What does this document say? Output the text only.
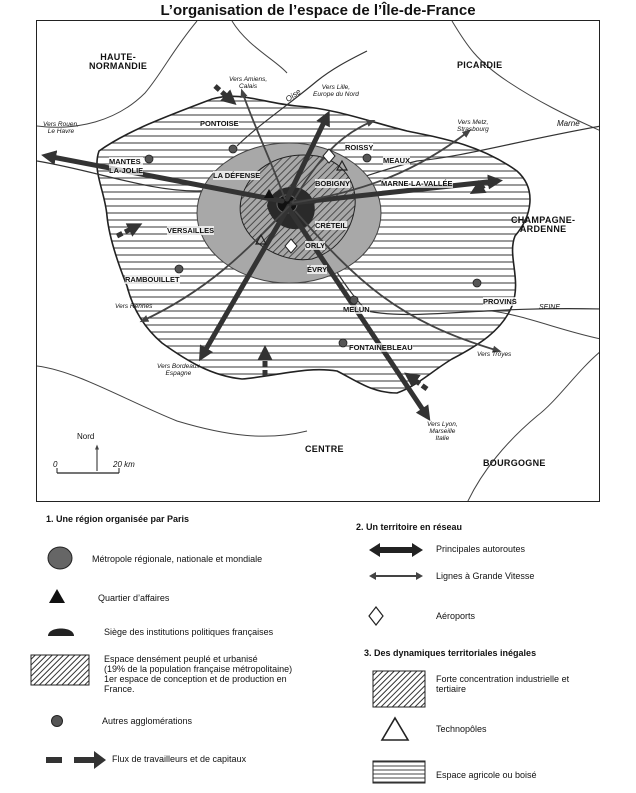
L’organisation de l’espace de l’Île-de-France
HAUTE-
NORMANDIE	PICARDIE
CHAMPAGNE-
ARDENNE
CENTRE
BOURGOGNE
Oise
Marne
SEINE
MANTES
LA-JOLIE
PONTOISE
LA DÉFENSE
BOBIGNY
ROISSY
MEAUX
MARNE-LA-VALLÉE
VERSAILLES
CRÉTEIL
ORLY
ÉVRY
RAMBOUILLET
PROVINS
MELUN
FONTAINEBLEAU
Vers Amiens,
Calais	Vers Lille,
Europe du Nord
Vers Rouen,
Le Havre
Vers Metz,
Strasbourg
Vers Rennes
Vers Bordeaux
Espagne
Vers Troyes
Vers Lyon,
Marseille
Italie
Nord
0	20 km
1. Une région organisée par Paris
Métropole régionale, nationale et mondiale
Quartier d’affaires
Siège des institutions politiques françaises
Espace densément peuplé et urbanisé
(19% de la population française métropolitaine)
1er espace de conception et de production en
France.
Autres agglomérations
Flux de travailleurs et de capitaux
2. Un territoire en réseau
Principales autoroutes
Lignes à Grande Vitesse
Aéroports
3. Des dynamiques territoriales inégales
Forte concentration industrielle et
tertiaire
Technopôles
Espace agricole ou boisé
